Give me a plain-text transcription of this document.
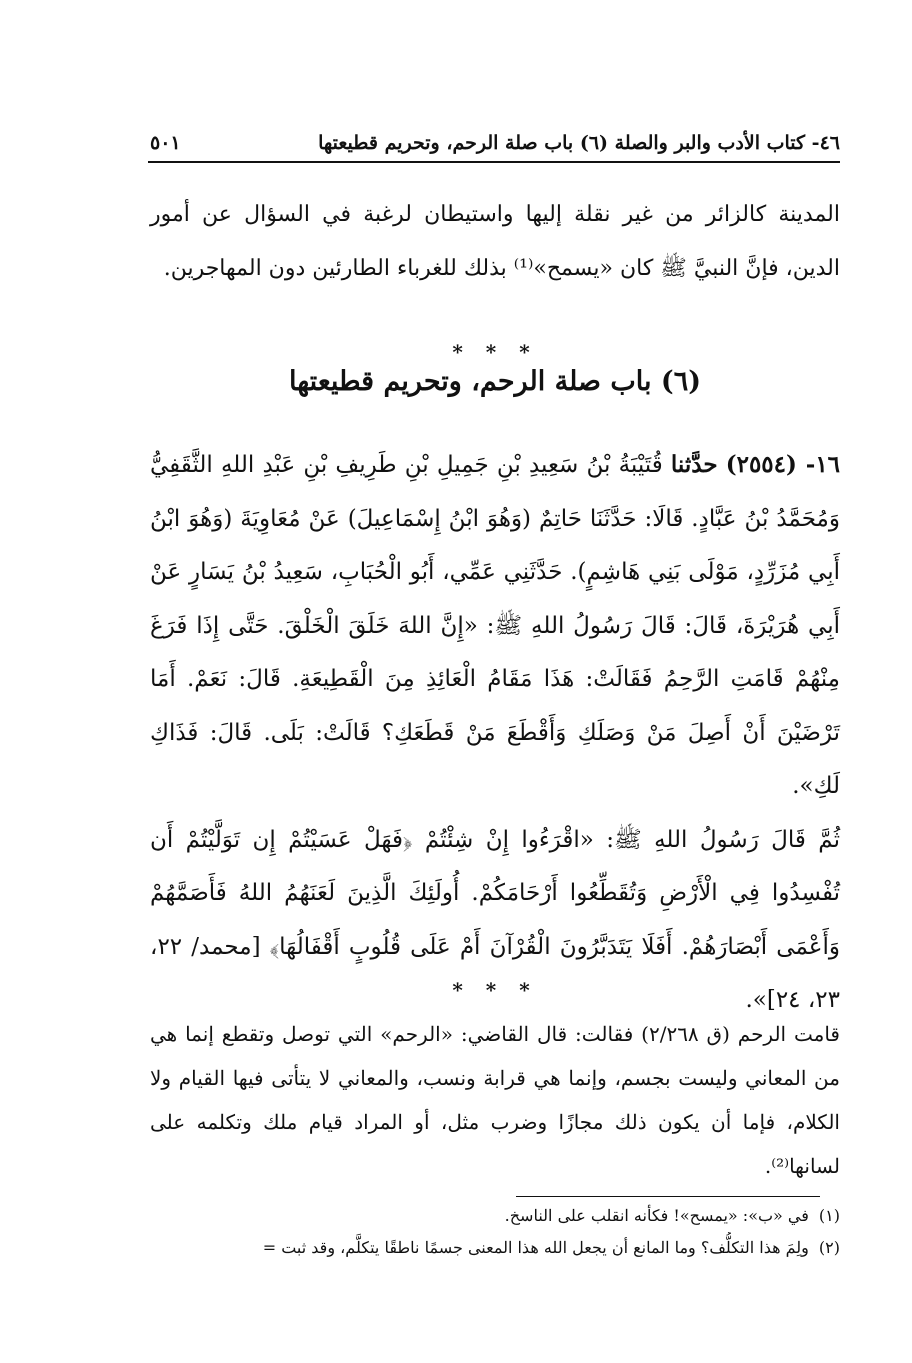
٤٦- كتاب الأدب والبر والصلة (٦) باب صلة الرحم، وتحريم قطيعتها
٥٠١
المدينة كالزائر من غير نقلة إليها واستيطان لرغبة في السؤال عن أمور الدين، فإنَّ النبيَّ ﷺ كان «يسمح»⁽¹⁾ بذلك للغرباء الطارئين دون المهاجرين.
* * *
(٦) باب صلة الرحم، وتحريم قطيعتها
١٦- (٢٥٥٤) حدَّثنا قُتَيْبَةُ بْنُ سَعِيدِ بْنِ جَمِيلِ بْنِ طَرِيفِ بْنِ عَبْدِ اللهِ الثَّقَفِيُّ وَمُحَمَّدُ بْنُ عَبَّادٍ. قَالَا: حَدَّثَنَا حَاتِمٌ (وَهُوَ ابْنُ إِسْمَاعِيلَ) عَنْ مُعَاوِيَةَ (وَهُوَ ابْنُ أَبِي مُزَرِّدٍ، مَوْلَى بَنِي هَاشِمٍ). حَدَّثَنِي عَمِّي، أَبُو الْحُبَابِ، سَعِيدُ بْنُ يَسَارٍ عَنْ أَبِي هُرَيْرَةَ، قَالَ: قَالَ رَسُولُ اللهِ ﷺ: «إِنَّ اللهَ خَلَقَ الْخَلْقَ. حَتَّى إِذَا فَرَغَ مِنْهُمْ قَامَتِ الرَّحِمُ فَقَالَتْ: هَذَا مَقَامُ الْعَائِذِ مِنَ الْقَطِيعَةِ. قَالَ: نَعَمْ. أَمَا تَرْضَيْنَ أَنْ أَصِلَ مَنْ وَصَلَكِ وَأَقْطَعَ مَنْ قَطَعَكِ؟ قَالَتْ: بَلَى. قَالَ: فَذَاكِ لَكِ».
ثُمَّ قَالَ رَسُولُ اللهِ ﷺ: «اقْرَءُوا إِنْ شِئْتُمْ ﴿فَهَلْ عَسَيْتُمْ إِن تَوَلَّيْتُمْ أَن تُفْسِدُوا فِي الْأَرْضِ وَتُقَطِّعُوا أَرْحَامَكُمْ. أُولَئِكَ الَّذِينَ لَعَنَهُمُ اللهُ فَأَصَمَّهُمْ وَأَعْمَى أَبْصَارَهُمْ. أَفَلَا يَتَدَبَّرُونَ الْقُرْآنَ أَمْ عَلَى قُلُوبٍ أَقْفَالُهَا﴾ [محمد/ ٢٢، ٢٣، ٢٤]».
* * *
قامت الرحم (ق ٢/٢٦٨) فقالت: قال القاضي: «الرحم» التي توصل وتقطع إنما هي من المعاني وليست بجسم، وإنما هي قرابة ونسب، والمعاني لا يتأتى فيها القيام ولا الكلام، فإما أن يكون ذلك مجازًا وضرب مثل، أو المراد قيام ملك وتكلمه على لسانها⁽²⁾.
(١)
في «ب»: «يمسح»! فكأنه انقلب على الناسخ.
(٢)
ولِمَ هذا التكلُّف؟ وما المانع أن يجعل الله هذا المعنى جسمًا ناطقًا يتكلَّم، وقد ثبت =
